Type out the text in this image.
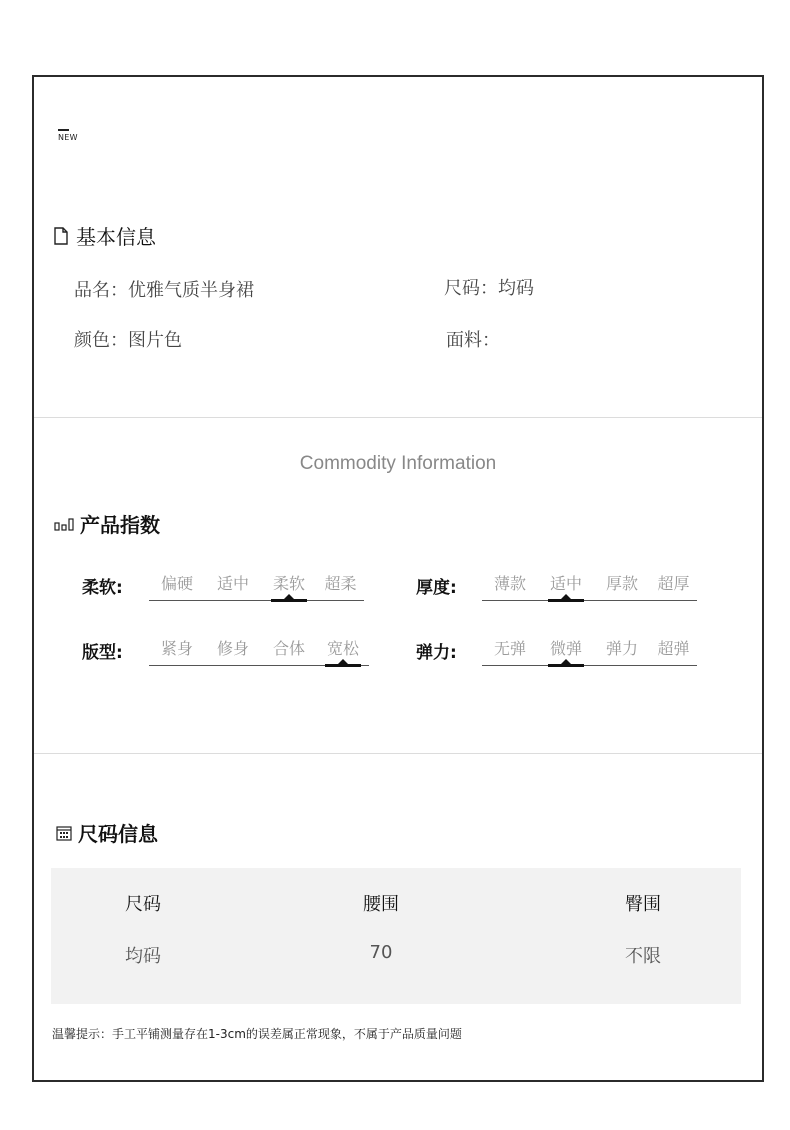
NEW
基本信息
品名：优雅气质半身裙	尺码：均码
颜色：图片色	面料：
Commodity Information
产品指数
柔软:	偏硬	适中	柔软	超柔	厚度:	薄款	适中	厚款	超厚
版型:	紧身	修身	合体	宽松	弹力:	无弹	微弹	弹力	超弹
尺码信息
尺码	腰围	臀围
均码	70	不限
温馨提示：手工平铺测量存在1-3cm的误差属正常现象，不属于产品质量问题
